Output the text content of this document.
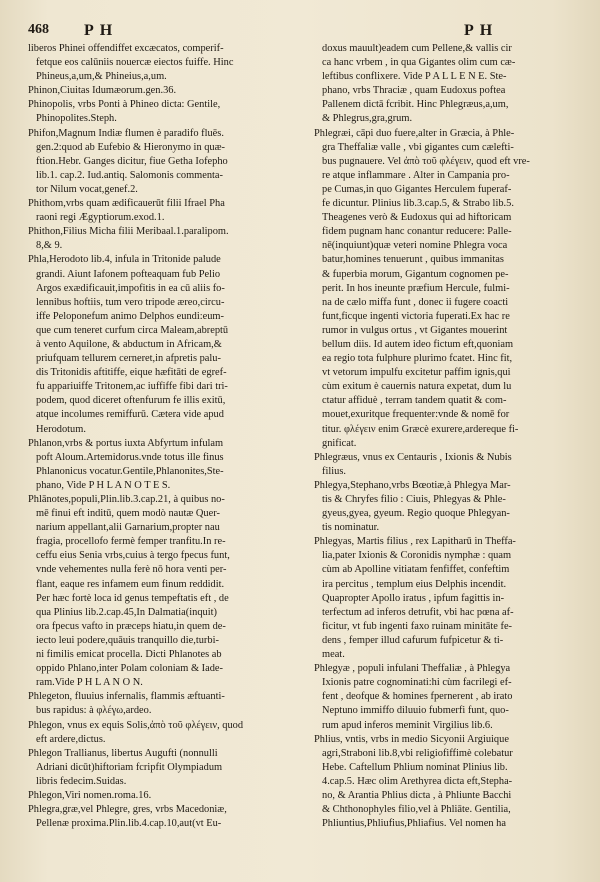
468 PH	PH
liberos Phinei offendiffet excæcatos, comperif-
fetque eos calūniis nouercæ eiectos fuiffe. Hinc
Phineus,a,um,& Phineius,a,um.
Phinon,Ciuitas Idumæorum.gen.36.
Phinopolis, vrbs Ponti à Phineo dicta: Gentile,
Phinopolites.Steph.
Phifon,Magnum Indiæ flumen è paradifo fluēs.
gen.2:quod ab Eufebio & Hieronymo in quæ-
ftion.Hebr. Ganges dicitur, fiue Getha Iofepho
lib.1. cap.2. Iud.antiq. Salomonis commenta-
tor Nilum vocat,genef.2.
Phithom,vrbs quam ædificauerūt filii Ifrael Pha
raoni regi Ægyptiorum.exod.1.
Phithon,Filius Micha filii Meribaal.1.paralipom.
8,& 9.
Phla,Herodoto lib.4, infula in Tritonide palude
grandi. Aiunt Iafonem pofteaquam fub Pelio
Argos exædificauit,impofitis in ea cū aliis fo-
lennibus hoftiis, tum vero tripode æreo,circu-
iffe Peloponefum animo Delphos eundi:eum-
que cum teneret curfum circa Maleam,abreptū
à vento Aquilone, & abductum in Africam,&
priufquam tellurem cerneret,in afpretis palu-
dis Tritonidis aftitiffe, eique hæfitāti de egref-
fu appariuiffe Tritonem,ac iuffiffe fibi dari tri-
podem, quod diceret oftenfurum fe illis exitū,
atque incolumes remiffurū. Cætera vide apud
Herodotum.
Phlanon,vrbs & portus iuxta Abfyrtum infulam
poft Aloum.Artemidorus.vnde totus ille finus
Phlanonicus vocatur.Gentile,Phlanonites,Ste-
phano, Vide P H L A N O T E S.
Phlānotes,populi,Plin.lib.3.cap.21, à quibus no-
mē finui eft inditū, quem modò nautæ Quer-
narium appellant,alii Garnarium,propter nau
fragia, procellofo fermè femper tranfitu.In re-
ceffu eius Senia vrbs,cuius à tergo fpecus funt,
vnde vehementes nulla ferè nō hora venti per-
flant, eaque res infamem eum finum reddidit.
Per hæc fortè loca id genus tempeftatis eft , de
qua Plinius lib.2.cap.45,In Dalmatia(inquit)
ora fpecus vafto in præceps hiatu,in quem de-
iecto leui podere,quāuis tranquillo die,turbi-
ni fimilis emicat procella. Dicti Phlanotes ab
oppido Phlano,inter Polam coloniam & Iade-
ram.Vide P H L A N O N.
Phlegeton, fluuius infernalis, flammis æftuanti-
bus rapidus: à φλέγω,ardeo.
Phlegon, vnus ex equis Solis,ἀπὸ τοῦ φλέγειν, quod
eft ardere,dictus.
Phlegon Trallianus, libertus Augufti (nonnulli
Adriani dicūt)hiftoriam fcripfit Olympiadum
libris fedecim.Suidas.
Phlegon,Viri nomen.roma.16.
Phlegra,græ,vel Phlegre, gres, vrbs Macedoniæ,
Pellenæ proxima.Plin.lib.4.cap.10,aut(vt Eu-
doxus mauult)eadem cum Pellene,& vallis cir
ca hanc vrbem , in qua Gigantes olim cum cæ-
leftibus conflixere. Vide P A L L E N E. Ste-
phano, vrbs Thraciæ , quam Eudoxus poftea
Pallenem dictā fcribit. Hinc Phlegræus,a,um,
& Phlegrus,gra,grum.
Phlegræi, cāpi duo fuere,alter in Græcia, à Phle-
gra Theffaliæ valle , vbi gigantes cum cælefti-
bus pugnauere. Vel ἀπὸ τοῦ φλέγειν, quod eft vre-
re atque inflammare . Alter in Campania pro-
pe Cumas,in quo Gigantes Herculem fuperaf-
fe dicuntur. Plinius lib.3.cap.5, & Strabo lib.5.
Theagenes verò & Eudoxus qui ad hiftoricam
fidem pugnam hanc conantur reducere: Palle-
nē(inquiunt)quæ veteri nomine Phlegra voca
batur,homines tenuerunt , quibus immanitas
& fuperbia morum, Gigantum cognomen pe-
perit. In hos ineunte præfium Hercule, fulmi-
na de cælo miffa funt , donec ii fugere coacti
funt,ficque ingenti victoria fuperati.Ex hac re
rumor in vulgus ortus , vt Gigantes mouerint
bellum diis. Id autem ideo fictum eft,quoniam
ea regio tota fulphure plurimo fcatet. Hinc fit,
vt vetorum impulfu excitetur paffim ignis,qui
cùm exitum è cauernis natura expetat, dum lu
ctatur affiduè , terram tandem quatit & com-
mouet,exuritque frequenter:vnde & nomē for
titur. φλέγειν enim Græcè exurere,ardereque fi-
gnificat.
Phlegræus, vnus ex Centauris , Ixionis & Nubis
filius.
Phlegya,Stephano,vrbs Bœotiæ,à Phlegya Mar-
tis & Chryfes filio : Ciuis, Phlegyas & Phle-
gyeus,gyea, gyeum. Regio quoque Phlegyan-
tis nominatur.
Phlegyas, Martis filius , rex Lapitharū in Theffa-
lia,pater Ixionis & Coronidis nymphæ : quam
cùm ab Apolline vitiatam fenfiffet, confeftim
ira percitus , templum eius Delphis incendit.
Quapropter Apollo iratus , ipfum fagittis in-
terfectum ad inferos detrufit, vbi hac pœna af-
ficitur, vt fub ingenti faxo ruinam minitāte fe-
dens , femper illud cafurum fufpicetur & ti-
meat.
Phlegyæ , populi infulani Theffaliæ , à Phlegya
Ixionis patre cognominati:hi cùm facrilegi ef-
fent , deofque & homines fpernerent , ab irato
Neptuno immiffo diluuio fubmerfi funt, quo-
rum apud inferos meminit Virgilius lib.6.
Phlius, vntis, vrbs in medio Sicyonii Argiuique
agri,Straboni lib.8,vbi religiofiffimè colebatur
Hebe. Caftellum Phlium nominat Plinius lib.
4.cap.5. Hæc olim Arethyrea dicta eft,Stepha-
no, & Arantia Phlius dicta , à Phliunte Bacchi
& Chthonophyles filio,vel à Phliāte. Gentilia,
Phliuntius,Phliufius,Phliafius. Vel nomen ha
